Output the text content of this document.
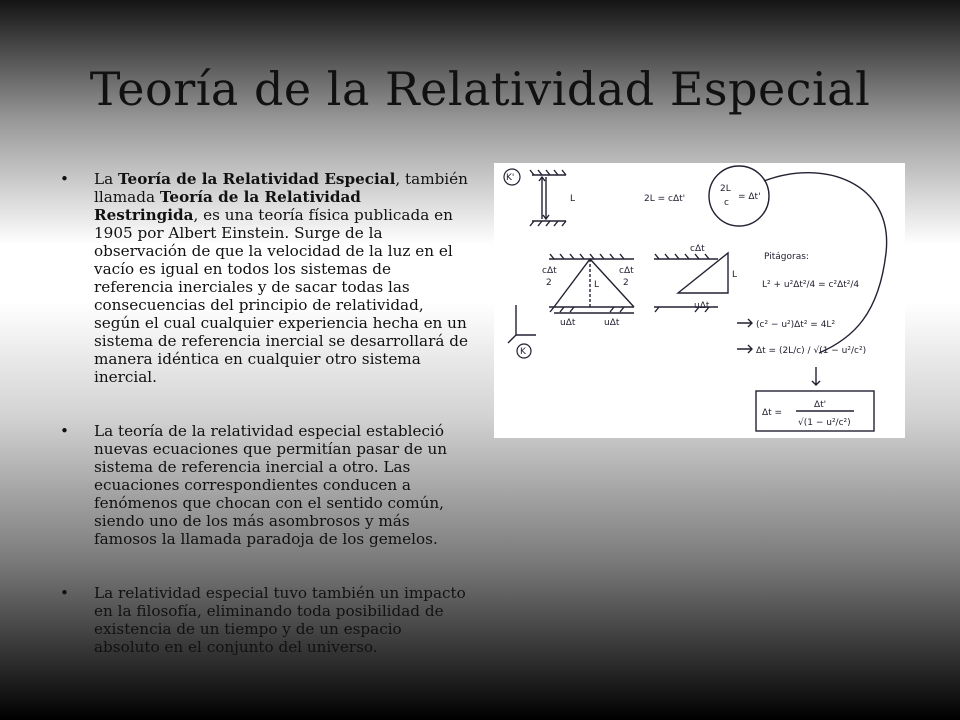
Teoría de la Relatividad Especial
• La Teoría de la Relatividad Especial, también llamada Teoría de la Relatividad Restringida, es una teoría física publicada en 1905 por Albert Einstein. Surge de la observación de que la velocidad de la luz en el vacío es igual en todos los sistemas de referencia inerciales y de sacar todas las consecuencias del principio de relatividad, según el cual cualquier experiencia hecha en un sistema de referencia inercial se desarrollará de manera idéntica en cualquier otro sistema inercial.
• La teoría de la relatividad especial estableció nuevas ecuaciones que permitían pasar de un sistema de referencia inercial a otro. Las ecuaciones correspondientes conducen a fenómenos que chocan con el sentido común, siendo uno de los más asombrosos y más famosos la llamada paradoja de los gemelos.
• La relatividad especial tuvo también un impacto en la filosofía, eliminando toda posibilidad de existencia de un tiempo y de un espacio absoluto en el conjunto del universo.
K'
K
L	2L = cΔt'
2L
c
= Δt'
cΔt
2
cΔt
2
L
uΔt	uΔt
cΔt
L
uΔt
Pitágoras:
L² + u²Δt²/4 = c²Δt²/4
(c² − u²)Δt² = 4L²
Δt = (2L/c) / √(1 − u²/c²)
Δt =
Δt'
√(1 − u²/c²)
